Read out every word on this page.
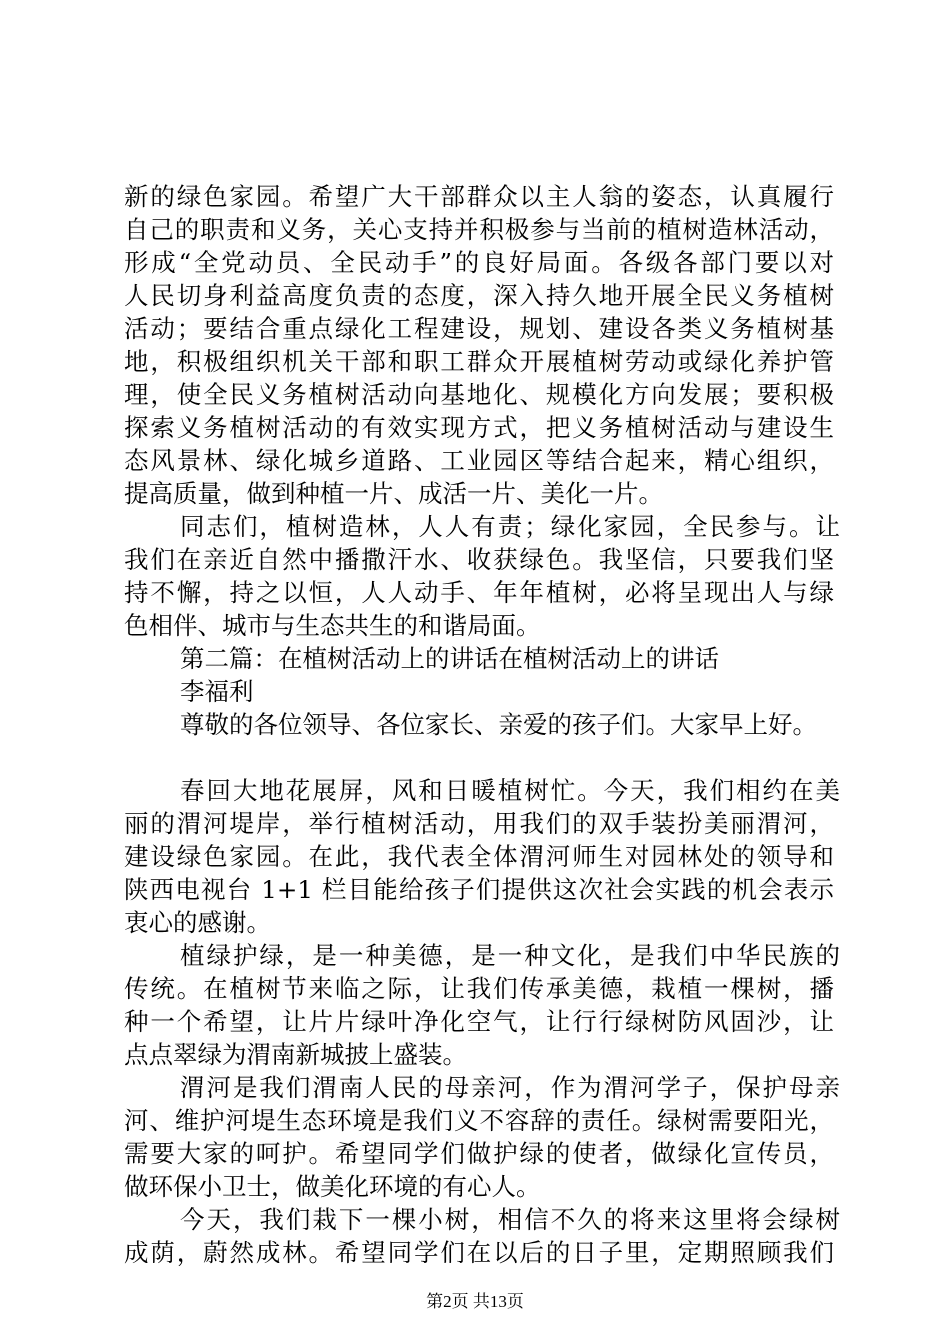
新的绿色家园。希望广大干部群众以主人翁的姿态，认真履行
自己的职责和义务，关心支持并积极参与当前的植树造林活动，
形成“全党动员、全民动手”的良好局面。各级各部门要以对
人民切身利益高度负责的态度，深入持久地开展全民义务植树
活动；要结合重点绿化工程建设，规划、建设各类义务植树基
地，积极组织机关干部和职工群众开展植树劳动或绿化养护管
理，使全民义务植树活动向基地化、规模化方向发展；要积极
探索义务植树活动的有效实现方式，把义务植树活动与建设生
态风景林、绿化城乡道路、工业园区等结合起来，精心组织，
提高质量，做到种植一片、成活一片、美化一片。
同志们，植树造林，人人有责；绿化家园，全民参与。让
我们在亲近自然中播撒汗水、收获绿色。我坚信，只要我们坚
持不懈，持之以恒，人人动手、年年植树，必将呈现出人与绿
色相伴、城市与生态共生的和谐局面。
第二篇：在植树活动上的讲话在植树活动上的讲话
李福利
尊敬的各位领导、各位家长、亲爱的孩子们。大家早上好。
春回大地花展屏，风和日暖植树忙。今天，我们相约在美
丽的渭河堤岸，举行植树活动，用我们的双手装扮美丽渭河，
建设绿色家园。在此，我代表全体渭河师生对园林处的领导和
陕西电视台 1+1 栏目能给孩子们提供这次社会实践的机会表示
衷心的感谢。
植绿护绿，是一种美德，是一种文化，是我们中华民族的
传统。在植树节来临之际，让我们传承美德，栽植一棵树，播
种一个希望，让片片绿叶净化空气，让行行绿树防风固沙，让
点点翠绿为渭南新城披上盛装。
渭河是我们渭南人民的母亲河，作为渭河学子，保护母亲
河、维护河堤生态环境是我们义不容辞的责任。绿树需要阳光，
需要大家的呵护。希望同学们做护绿的使者，做绿化宣传员，
做环保小卫士，做美化环境的有心人。
今天，我们栽下一棵小树，相信不久的将来这里将会绿树
成荫，蔚然成林。希望同学们在以后的日子里，定期照顾我们
第2页 共13页
